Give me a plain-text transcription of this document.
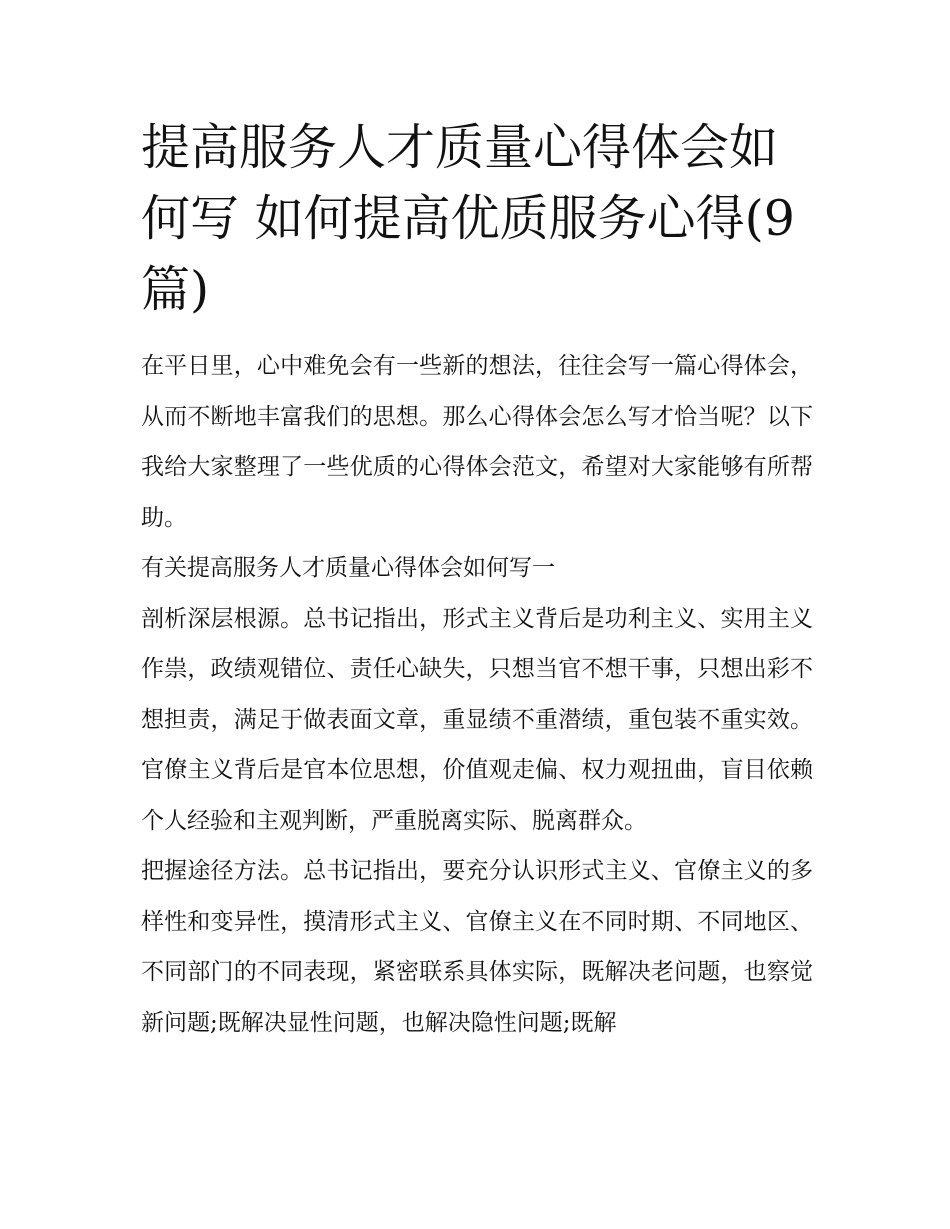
提高服务人才质量心得体会如何写 如何提高优质服务心得(9篇)

在平日里，心中难免会有一些新的想法，往往会写一篇心得体会，从而不断地丰富我们的思想。那么心得体会怎么写才恰当呢？以下我给大家整理了一些优质的心得体会范文，希望对大家能够有所帮助。

有关提高服务人才质量心得体会如何写一

剖析深层根源。总书记指出，形式主义背后是功利主义、实用主义作祟，政绩观错位、责任心缺失，只想当官不想干事，只想出彩不想担责，满足于做表面文章，重显绩不重潜绩，重包装不重实效。官僚主义背后是官本位思想，价值观走偏、权力观扭曲，盲目依赖个人经验和主观判断，严重脱离实际、脱离群众。

把握途径方法。总书记指出，要充分认识形式主义、官僚主义的多样性和变异性，摸清形式主义、官僚主义在不同时期、不同地区、不同部门的不同表现，紧密联系具体实际，既解决老问题，也察觉新问题;既解决显性问题，也解决隐性问题;既解
